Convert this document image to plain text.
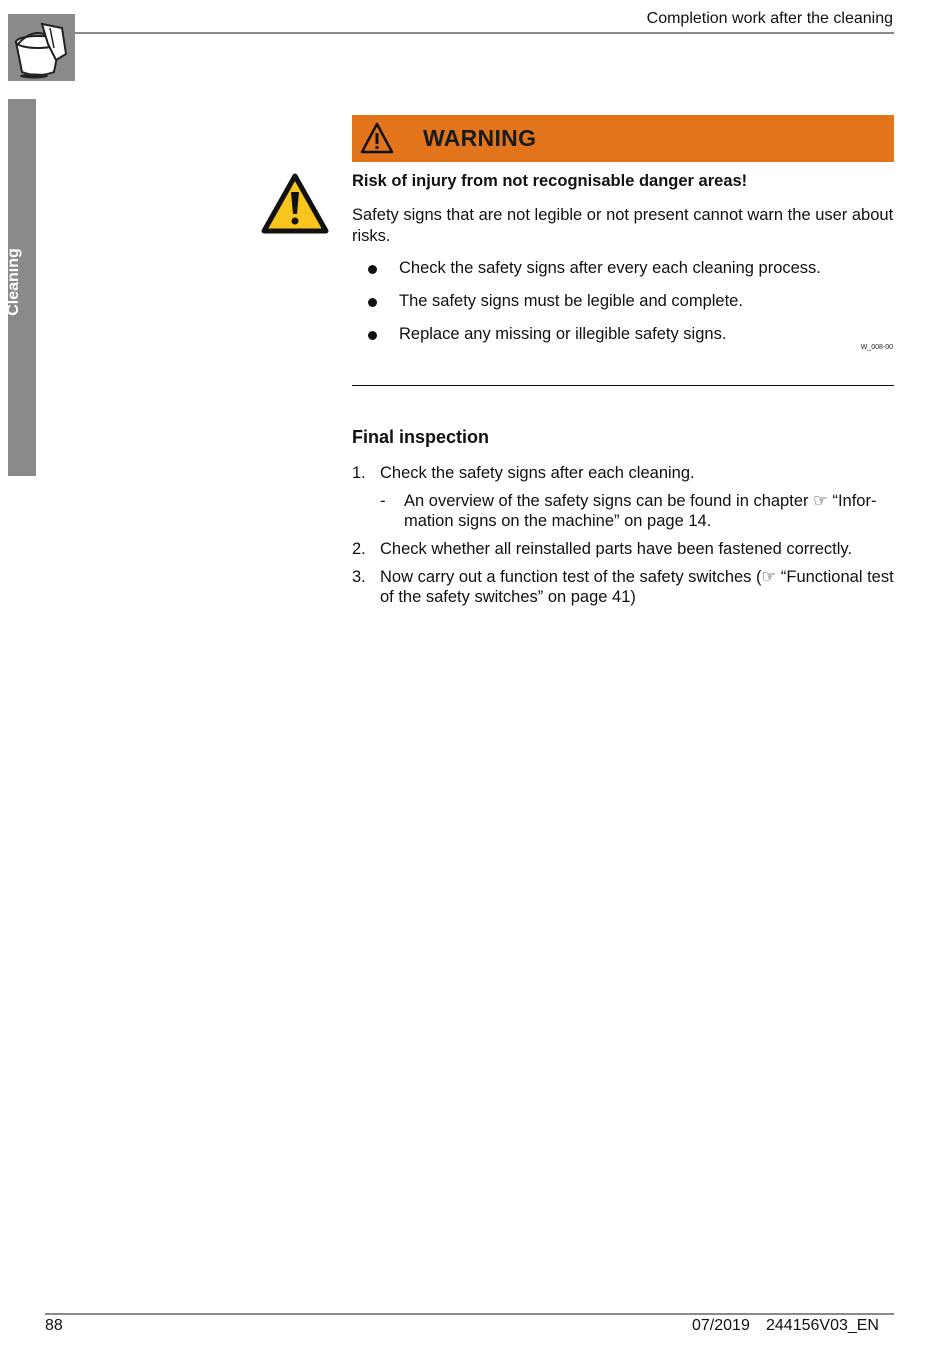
Completion work after the cleaning
Cleaning
WARNING
Risk of injury from not recognisable danger areas!
Safety signs that are not legible or not present cannot warn the user about risks.
Check the safety signs after every each cleaning process.
The safety signs must be legible and complete.
Replace any missing or illegible safety signs.
W_008-00
Final inspection
1. Check the safety signs after each cleaning.
- An overview of the safety signs can be found in chapter ☞ “Infor-
mation signs on the machine” on page 14.
2. Check whether all reinstalled parts have been fastened correctly.
3. Now carry out a function test of the safety switches (☞ “Functional test
of the safety switches” on page 41)
88	07/2019 244156V03_EN
